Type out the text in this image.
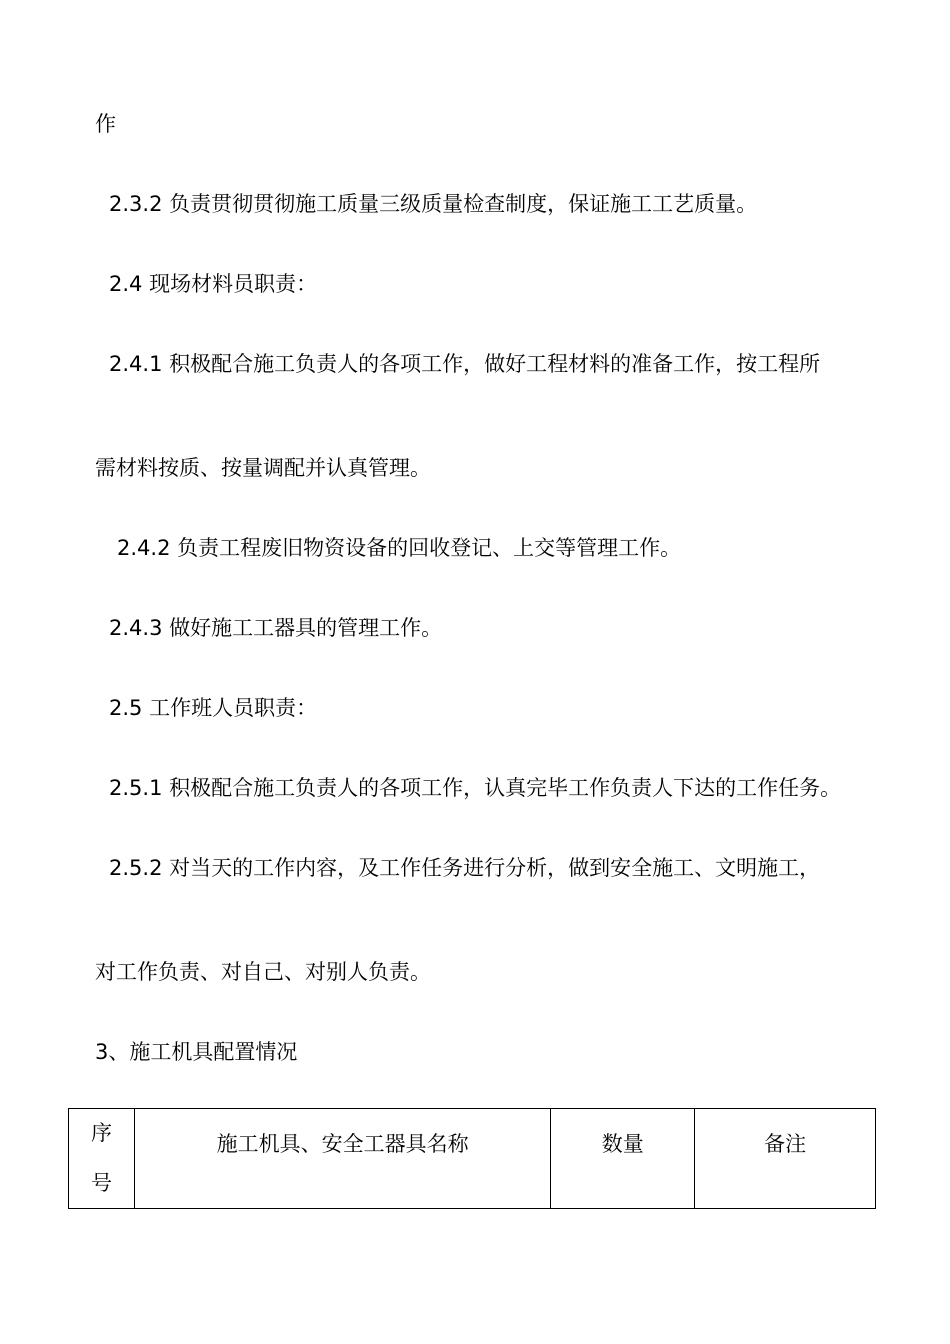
作

2.3.2 负责贯彻贯彻施工质量三级质量检查制度，保证施工工艺质量。

2.4 现场材料员职责：

2.4.1 积极配合施工负责人的各项工作，做好工程材料的准备工作，按工程所

需材料按质、按量调配并认真管理。

2.4.2 负责工程废旧物资设备的回收登记、上交等管理工作。

2.4.3 做好施工工器具的管理工作。

2.5 工作班人员职责：

2.5.1 积极配合施工负责人的各项工作，认真完毕工作负责人下达的工作任务。

2.5.2 对当天的工作内容，及工作任务进行分析，做到安全施工、文明施工，

对工作负责、对自己、对别人负责。

3、施工机具配置情况

序号	施工机具、安全工器具名称	数量	备注
